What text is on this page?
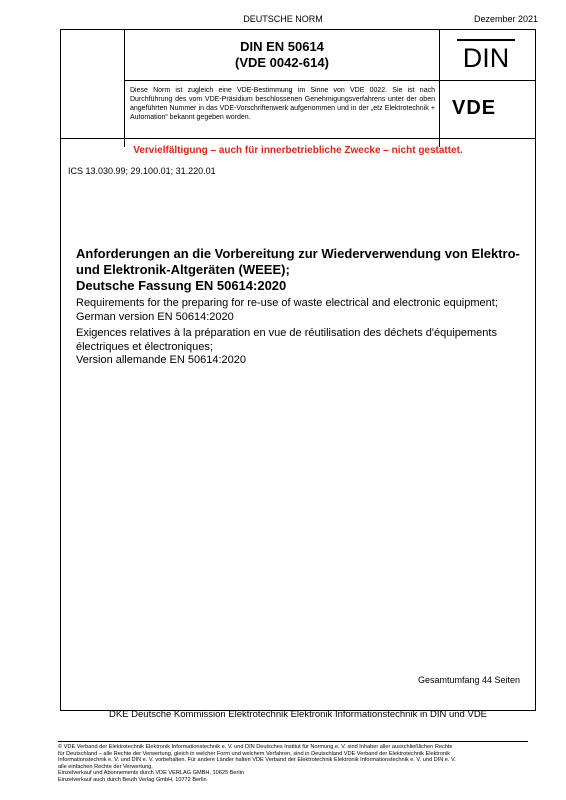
DEUTSCHE NORM	Dezember 2021
DIN EN 50614
(VDE 0042-614)	DIN
Diese Norm ist zugleich eine VDE-Bestimmung im Sinne von VDE 0022. Sie ist nach Durchführung des vom VDE-Präsidium beschlossenen Genehmigungsverfahrens unter der oben angeführten Nummer in das VDE-Vorschriftenwerk aufgenommen und in der „etz Elektrotechnik + Automation“ bekannt gegeben worden.	VDE
Vervielfältigung – auch für innerbetriebliche Zwecke – nicht gestattet.
ICS 13.030.99; 29.100.01; 31.220.01
Anforderungen an die Vorbereitung zur Wiederverwendung von Elektro-
und Elektronik-Altgeräten (WEEE);
Deutsche Fassung EN 50614:2020
Requirements for the preparing for re-use of waste electrical and electronic equipment;
German version EN 50614:2020
Exigences relatives à la préparation en vue de réutilisation des déchets d'équipements
électriques et électroniques;
Version allemande EN 50614:2020
Gesamtumfang 44 Seiten
DKE Deutsche Kommission Elektrotechnik Elektronik Informationstechnik in DIN und VDE

© VDE Verband der Elektrotechnik Elektronik Informationstechnik e. V. und DIN Deutsches Institut für Normung e. V. sind Inhaber aller ausschließlichen Rechte

für Deutschland – alle Rechte der Verwertung, gleich in welcher Form und welchem Verfahren, sind in Deutschland VDE Verband der Elektrotechnik Elektronik

Informationstechnik e. V. und DIN e. V. vorbehalten. Für andere Länder halten VDE Verband der Elektrotechnik Elektronik Informationstechnik e. V. und DIN e. V.

alle einfachen Rechte der Verwertung.

Einzelverkauf und Abonnements durch VDE VERLAG GMBH, 10625 Berlin

Einzelverkauf auch durch Beuth Verlag GmbH, 10772 Berlin
